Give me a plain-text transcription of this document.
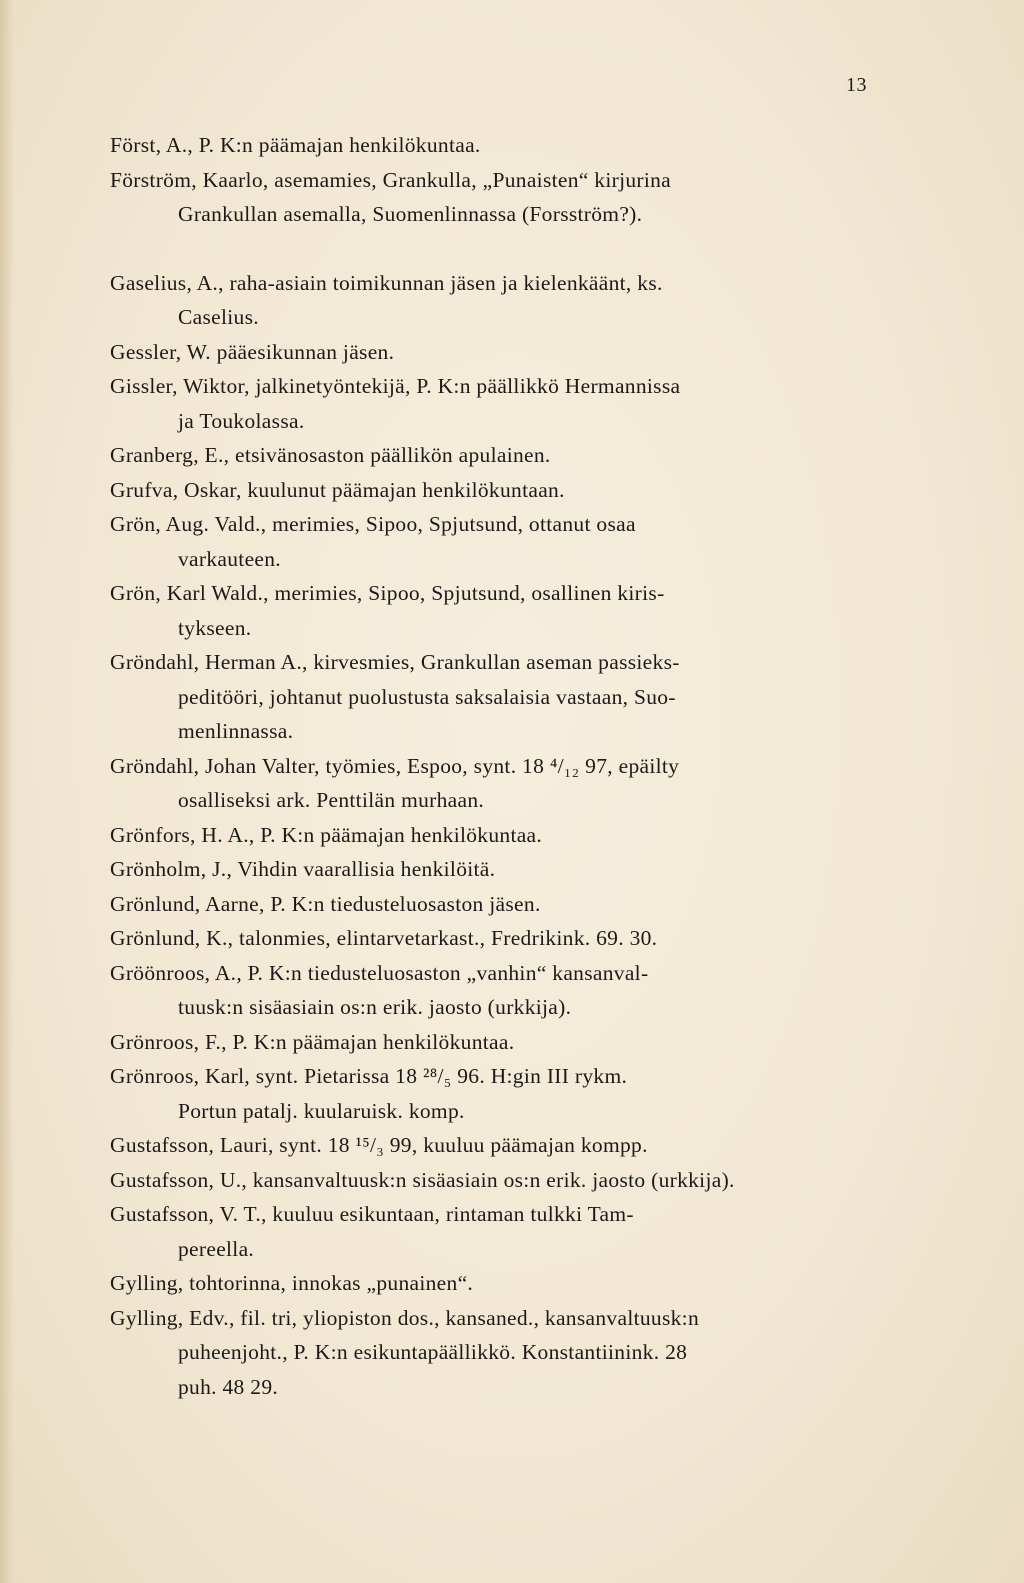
13

Först, A., P. K:n päämajan henkilökuntaa.

Förström, Kaarlo, asemamies, Grankulla, „Punaisten“ kirjurina
Grankullan asemalla, Suomenlinnassa (Forsström?).

Gaselius, A., raha-asiain toimikunnan jäsen ja kielenkäänt, ks.
Caselius.

Gessler, W. pääesikunnan jäsen.

Gissler, Wiktor, jalkinetyöntekijä, P. K:n päällikkö Hermannissa
ja Toukolassa.

Granberg, E., etsivänosaston päällikön apulainen.

Grufva, Oskar, kuulunut päämajan henkilökuntaan.

Grön, Aug. Vald., merimies, Sipoo, Spjutsund, ottanut osaa
varkauteen.

Grön, Karl Wald., merimies, Sipoo, Spjutsund, osallinen kiris-
tykseen.

Gröndahl, Herman A., kirvesmies, Grankullan aseman passieks-
peditööri, johtanut puolustusta saksalaisia vastaan, Suo-
menlinnassa.

Gröndahl, Johan Valter, työmies, Espoo, synt. 18 ⁴/₁₂ 97, epäilty
osalliseksi ark. Penttilän murhaan.

Grönfors, H. A., P. K:n päämajan henkilökuntaa.

Grönholm, J., Vihdin vaarallisia henkilöitä.

Grönlund, Aarne, P. K:n tiedusteluosaston jäsen.

Grönlund, K., talonmies, elintarvetarkast., Fredrikink. 69. 30.

Gröönroos, A., P. K:n tiedusteluosaston „vanhin“ kansanval-
tuusk:n sisäasiain os:n erik. jaosto (urkkija).

Grönroos, F., P. K:n päämajan henkilökuntaa.

Grönroos, Karl, synt. Pietarissa 18 ²⁸/₅ 96. H:gin III rykm.
Portun patalj. kuularuisk. komp.

Gustafsson, Lauri, synt. 18 ¹⁵/₃ 99, kuuluu päämajan kompp.

Gustafsson, U., kansanvaltuusk:n sisäasiain os:n erik. jaosto (urkkija).

Gustafsson, V. T., kuuluu esikuntaan, rintaman tulkki Tam-
pereella.

Gylling, tohtorinna, innokas „punainen“.

Gylling, Edv., fil. tri, yliopiston dos., kansaned., kansanvaltuusk:n
puheenjoht., P. K:n esikuntapäällikkö. Konstantiinink. 28
puh. 48 29.
